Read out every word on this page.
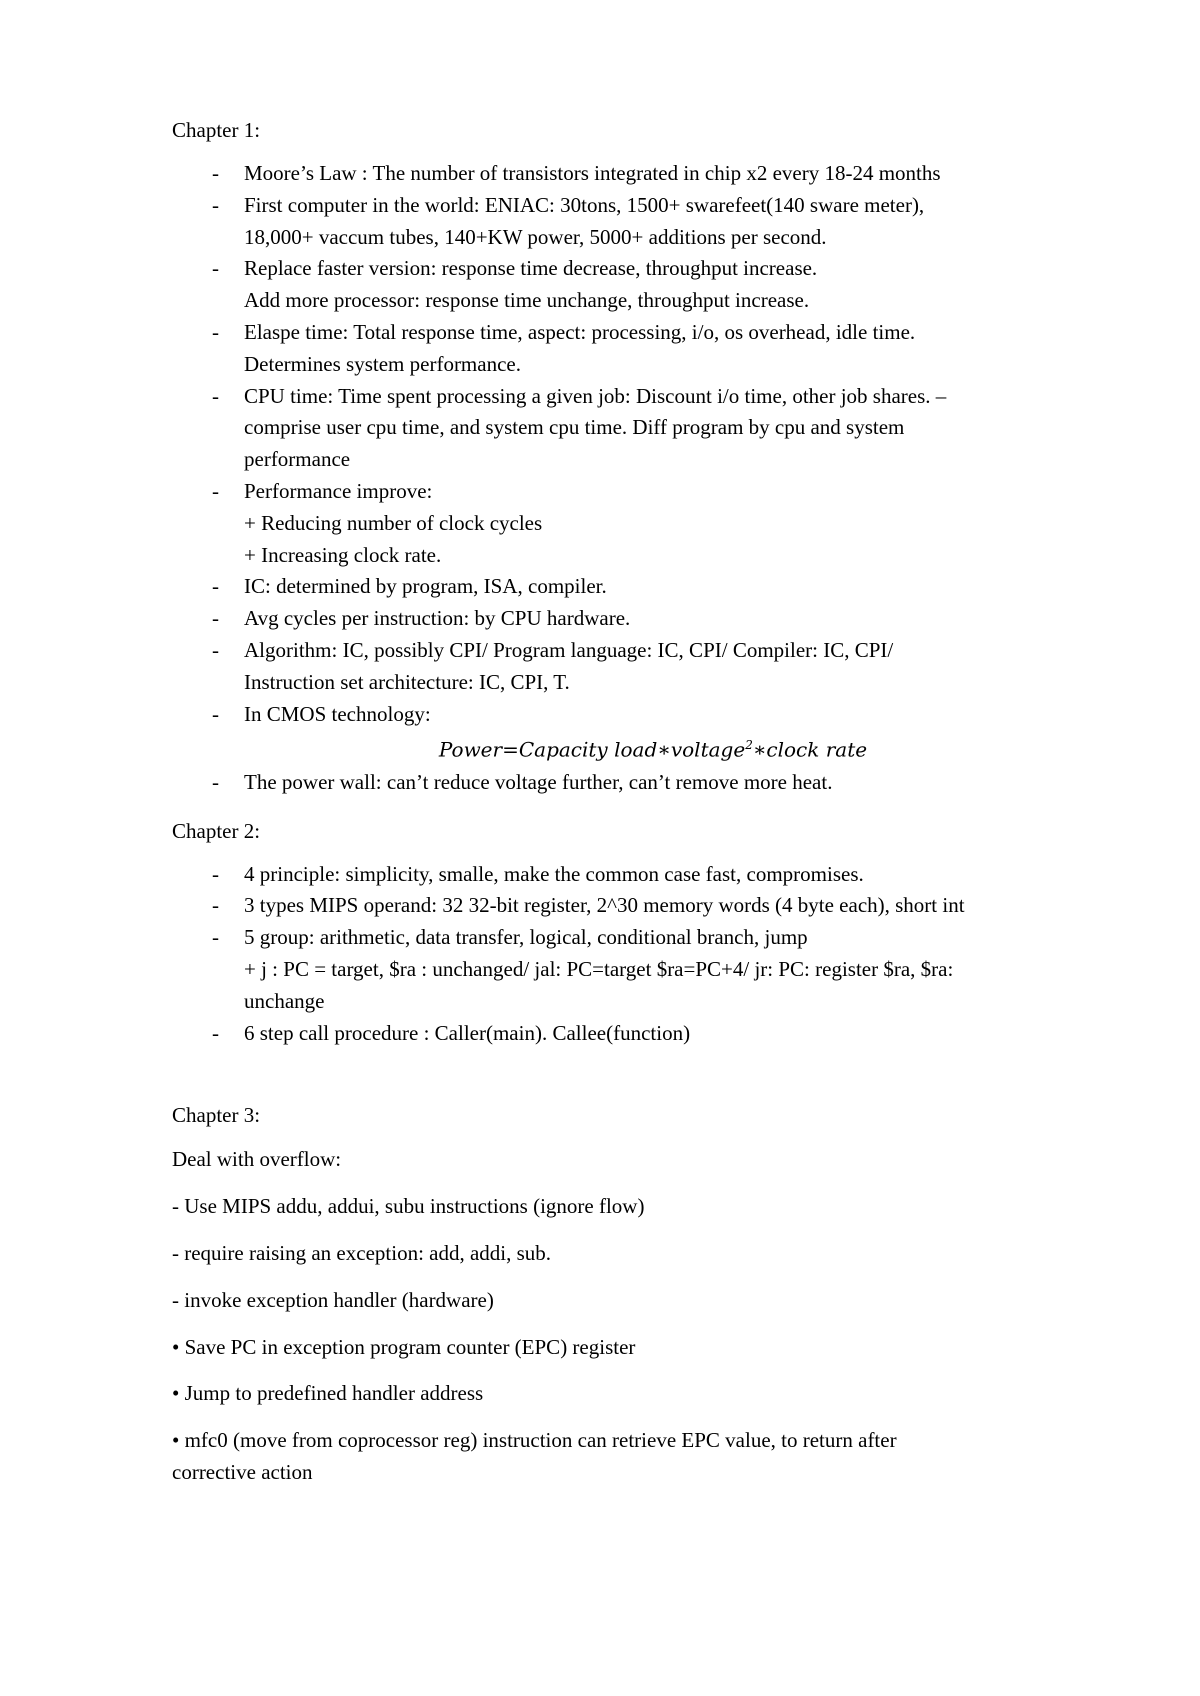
Chapter 1:

- Moore’s Law : The number of transistors integrated in chip x2 every 18-24 months
- First computer in the world: ENIAC: 30tons, 1500+ swarefeet(140 sware meter),
18,000+ vaccum tubes, 140+KW power, 5000+ additions per second.
- Replace faster version: response time decrease, throughput increase.
Add more processor: response time unchange, throughput increase.
- Elaspe time: Total response time, aspect: processing, i/o, os overhead, idle time.
Determines system performance.
- CPU time: Time spent processing a given job: Discount i/o time, other job shares. –
comprise user cpu time, and system cpu time. Diff program by cpu and system
performance
- Performance improve:
+ Reducing number of clock cycles
+ Increasing clock rate.
- IC: determined by program, ISA, compiler.
- Avg cycles per instruction: by CPU hardware.
- Algorithm: IC, possibly CPI/ Program language: IC, CPI/ Compiler: IC, CPI/
Instruction set architecture: IC, CPI, T.
- In CMOS technology:
Power=Capacity load∗voltage$^2$∗clock rate
- The power wall: can’t reduce voltage further, can’t remove more heat.

Chapter 2:

- 4 principle: simplicity, smalle, make the common case fast, compromises.
- 3 types MIPS operand: 32 32-bit register, 2^30 memory words (4 byte each), short int
- 5 group: arithmetic, data transfer, logical, conditional branch, jump
+ j : PC = target, $ra : unchanged/ jal: PC=target $ra=PC+4/ jr: PC: register $ra, $ra:
unchange
- 6 step call procedure : Caller(main). Callee(function)

Chapter 3:

Deal with overflow:

- Use MIPS addu, addui, subu instructions (ignore flow)

- require raising an exception: add, addi, sub.

- invoke exception handler (hardware)

• Save PC in exception program counter (EPC) register

• Jump to predefined handler address

• mfc0 (move from coprocessor reg) instruction can retrieve EPC value, to return after
corrective action
